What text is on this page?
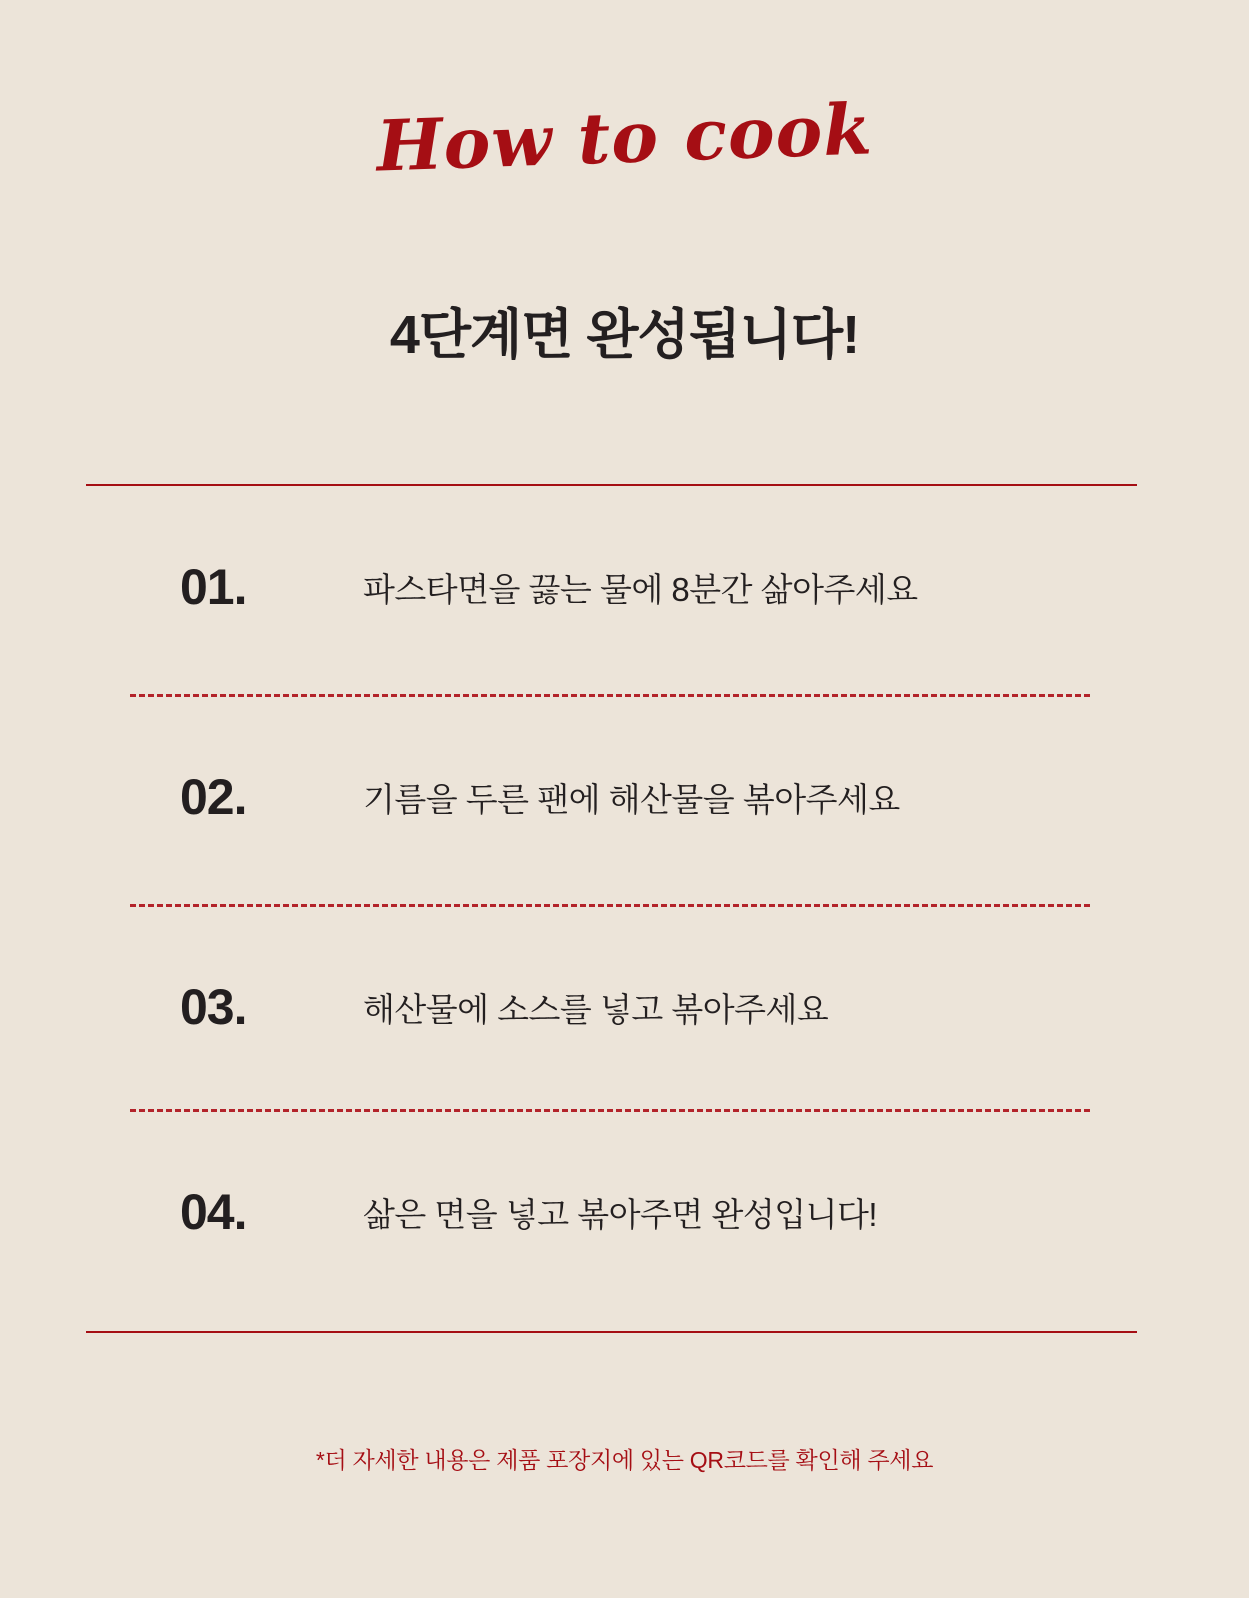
How to cook
4단계면 완성됩니다!
01.	파스타면을 끓는 물에 8분간 삶아주세요
02.	기름을 두른 팬에 해산물을 볶아주세요
03.	해산물에 소스를 넣고 볶아주세요
04.	삶은 면을 넣고 볶아주면 완성입니다!
*더 자세한 내용은 제품 포장지에 있는 QR코드를 확인해 주세요
